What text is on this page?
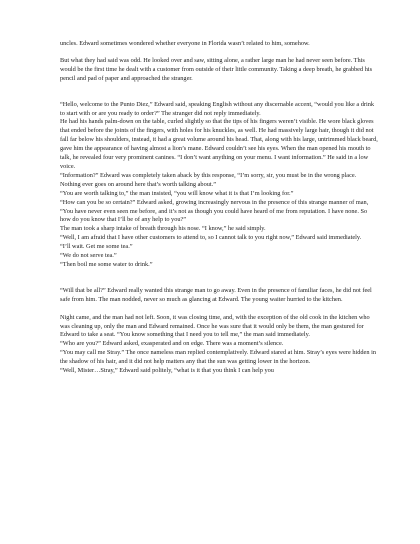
uncles. Edward sometimes wondered whether everyone in Florida wasn’t related to him, somehow.

But what they had said was odd. He looked over and saw, sitting alone, a rather large man he had never seen before. This would be the first time he dealt with a customer from outside of their little community. Taking a deep breath, he grabbed his pencil and pad of paper and approached the stranger.

“Hello, welcome to the Punto Diez,” Edward said, speaking English without any discernable accent, “would you like a drink to start with or are you ready to order?” The stranger did not reply immediately.

He had his hands palm-down on the table, curled slightly so that the tips of his fingers weren’t visible. He wore black gloves that ended before the joints of the fingers, with holes for his knuckles, as well. He had massively large hair, though it did not fall far below his shoulders, instead, it had a great volume around his head. That, along with his large, untrimmed black beard, gave him the appearance of having almost a lion’s mane. Edward couldn’t see his eyes. When the man opened his mouth to talk, he revealed four very prominent canines. “I don’t want anything on your menu. I want information.” He said in a low voice.

“Information?” Edward was completely taken aback by this response, “I’m sorry, sir, you must be in the wrong place. Nothing ever goes on around here that’s worth talking about.”

“You are worth talking to,” the man insisted, “you will know what it is that I’m looking for.”

“How can you be so certain?” Edward asked, growing increasingly nervous in the presence of this strange manner of man, “You have never even seen me before, and it’s not as though you could have heard of me from reputation. I have none. So how do you know that I’ll be of any help to you?”

The man took a sharp intake of breath through his nose. “I know,” he said simply.

“Well, I am afraid that I have other customers to attend to, so I cannot talk to you right now,” Edward said immediately.

“I’ll wait. Get me some tea.”

“We do not serve tea.”

“Then boil me some water to drink.”

“Will that be all?” Edward really wanted this strange man to go away. Even in the presence of familiar faces, he did not feel safe from him. The man nodded, never so much as glancing at Edward. The young waiter hurried to the kitchen.

Night came, and the man had not left. Soon, it was closing time, and, with the exception of the old cook in the kitchen who was cleaning up, only the man and Edward remained. Once he was sure that it would only be them, the man gestured for Edward to take a seat. “You know something that I need you to tell me,” the man said immediately.

“Who are you?” Edward asked, exasperated and on edge. There was a moment’s silence.

“You may call me Stray.” The once nameless man replied contemplatively. Edward stared at him. Stray’s eyes were hidden in the shadow of his hair, and it did not help matters any that the sun was getting lower in the horizon.

“Well, Mister…Stray,” Edward said politely, “what is it that you think I can help you
